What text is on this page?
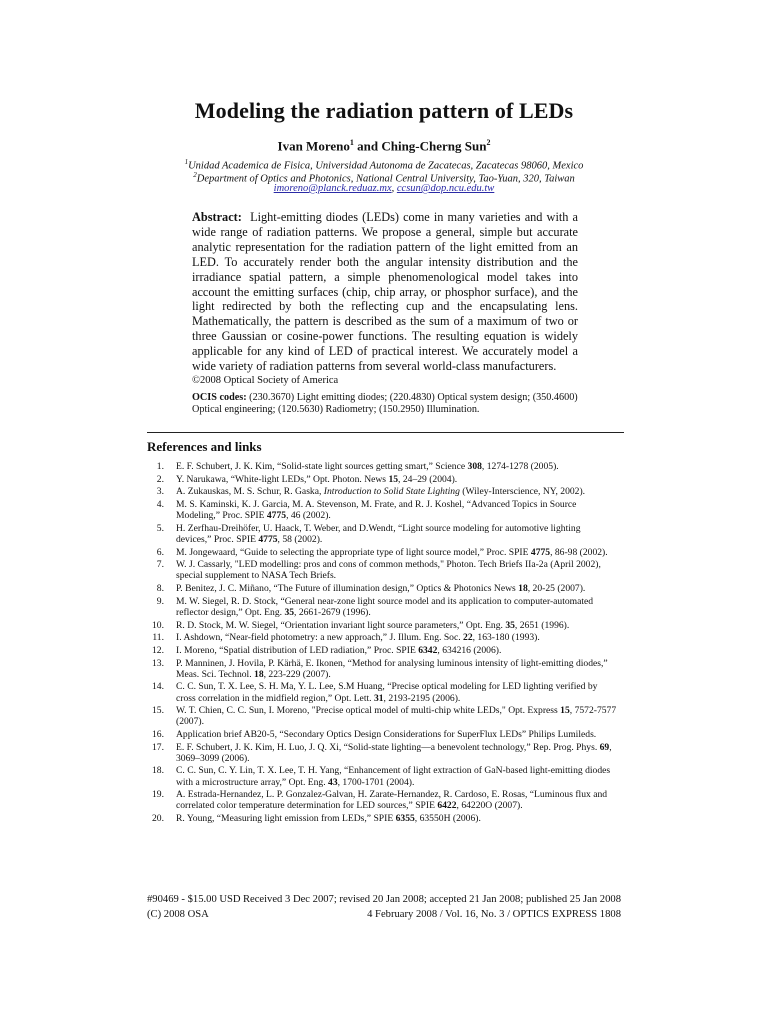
Modeling the radiation pattern of LEDs
Ivan Moreno$^1$ and Ching-Cherng Sun$^2$
$^1$Unidad Academica de Fisica, Universidad Autonoma de Zacatecas, Zacatecas 98060, Mexico
$^2$Department of Optics and Photonics, National Central University, Tao-Yuan, 320, Taiwan
imoreno@planck.reduaz.mx, ccsun@dop.ncu.edu.tw
Abstract: Light-emitting diodes (LEDs) come in many varieties and with a wide range of radiation patterns. We propose a general, simple but accurate analytic representation for the radiation pattern of the light emitted from an LED. To accurately render both the angular intensity distribution and the irradiance spatial pattern, a simple phenomenological model takes into account the emitting surfaces (chip, chip array, or phosphor surface), and the light redirected by both the reflecting cup and the encapsulating lens. Mathematically, the pattern is described as the sum of a maximum of two or three Gaussian or cosine-power functions. The resulting equation is widely applicable for any kind of LED of practical interest. We accurately model a wide variety of radiation patterns from several world-class manufacturers.
©2008 Optical Society of America
OCIS codes: (230.3670) Light emitting diodes; (220.4830) Optical system design; (350.4600) Optical engineering; (120.5630) Radiometry; (150.2950) Illumination.
References and links
1.	E. F. Schubert, J. K. Kim, “Solid-state light sources getting smart,” Science 308, 1274-1278 (2005).
2.	Y. Narukawa, “White-light LEDs,” Opt. Photon. News 15, 24–29 (2004).
3.	A. Zukauskas, M. S. Schur, R. Gaska, Introduction to Solid State Lighting (Wiley-Interscience, NY, 2002).
4.	M. S. Kaminski, K. J. Garcia, M. A. Stevenson, M. Frate, and R. J. Koshel, “Advanced Topics in Source Modeling,” Proc. SPIE 4775, 46 (2002).
5.	H. Zerfhau-Dreihöfer, U. Haack, T. Weber, and D.Wendt, “Light source modeling for automotive lighting devices,” Proc. SPIE 4775, 58 (2002).
6.	M. Jongewaard, “Guide to selecting the appropriate type of light source model,” Proc. SPIE 4775, 86-98 (2002).
7.	W. J. Cassarly, "LED modelling: pros and cons of common methods," Photon. Tech Briefs IIa-2a (April 2002), special supplement to NASA Tech Briefs.
8.	P. Benitez, J. C. Miñano, “The Future of illumination design,” Optics & Photonics News 18, 20-25 (2007).
9.	M. W. Siegel, R. D. Stock, “General near-zone light source model and its application to computer-automated reflector design,” Opt. Eng. 35, 2661-2679 (1996).
10.	R. D. Stock, M. W. Siegel, “Orientation invariant light source parameters,” Opt. Eng. 35, 2651 (1996).
11.	I. Ashdown, “Near-field photometry: a new approach,” J. Illum. Eng. Soc. 22, 163-180 (1993).
12.	I. Moreno, “Spatial distribution of LED radiation,” Proc. SPIE 6342, 634216 (2006).
13.	P. Manninen, J. Hovila, P. Kärhä, E. Ikonen, “Method for analysing luminous intensity of light-emitting diodes,” Meas. Sci. Technol. 18, 223-229 (2007).
14.	C. C. Sun, T. X. Lee, S. H. Ma, Y. L. Lee, S.M Huang, “Precise optical modeling for LED lighting verified by cross correlation in the midfield region,” Opt. Lett. 31, 2193-2195 (2006).
15.	W. T. Chien, C. C. Sun, I. Moreno, "Precise optical model of multi-chip white LEDs," Opt. Express 15, 7572-7577 (2007).
16.	Application brief AB20-5, “Secondary Optics Design Considerations for SuperFlux LEDs” Philips Lumileds.
17.	E. F. Schubert, J. K. Kim, H. Luo, J. Q. Xi, “Solid-state lighting—a benevolent technology,” Rep. Prog. Phys. 69, 3069–3099 (2006).
18.	C. C. Sun, C. Y. Lin, T. X. Lee, T. H. Yang, “Enhancement of light extraction of GaN-based light-emitting diodes with a microstructure array,” Opt. Eng. 43, 1700-1701 (2004).
19.	A. Estrada-Hernandez, L. P. Gonzalez-Galvan, H. Zarate-Hernandez, R. Cardoso, E. Rosas, “Luminous flux and correlated color temperature determination for LED sources,” SPIE 6422, 64220O (2007).
20.	R. Young, “Measuring light emission from LEDs,” SPIE 6355, 63550H (2006).
#90469 - $15.00 USD
(C) 2008 OSA
Received 3 Dec 2007; revised 20 Jan 2008; accepted 21 Jan 2008; published 25 Jan 2008
4 February 2008 / Vol. 16, No. 3 / OPTICS EXPRESS 1808
